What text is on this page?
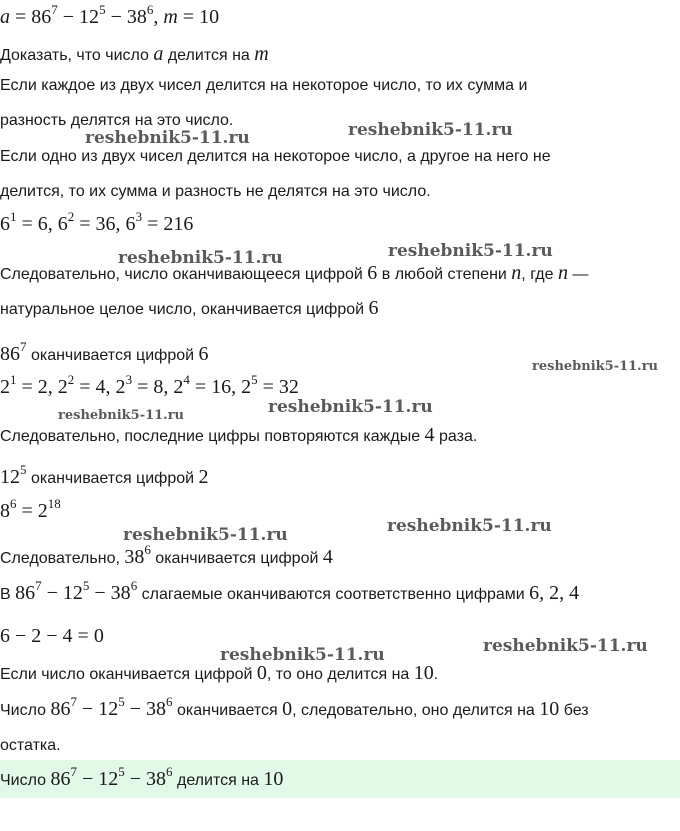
$a = 86^7 - 12^5 - 38^6$, m = 10
Доказать, что число a делится на m
Если каждое из двух чисел делится на некоторое число, то их сумма и
разность делятся на это число.
Если одно из двух чисел делится на некоторое число, а другое на него не
делится, то их сумма и разность не делятся на это число.
$6^1 = 6$, $6^2 = 36$, $6^3 = 216$
Следовательно, число оканчивающееся цифрой 6 в любой степени n, где n —
натуральное целое число, оканчивается цифрой 6
$86^7$ оканчивается цифрой 6
$2^1 = 2$, $2^2 = 4$, $2^3 = 8$, $2^4 = 16$, $2^5 = 32$
Следовательно, последние цифры повторяются каждые 4 раза.
$12^5$ оканчивается цифрой 2
$8^6 = 2^{18}$
Следовательно, $38^6$ оканчивается цифрой 4
В $86^7 - 12^5 - 38^6$ слагаемые оканчиваются соответственно цифрами 6, 2, 4
6 − 2 − 4 = 0
Если число оканчивается цифрой 0, то оно делится на 10.
Число $86^7 - 12^5 - 38^6$ оканчивается 0, следовательно, оно делится на 10 без
остатка.
Число $86^7 - 12^5 - 38^6$ делится на 10
reshebnik5-11.ru	reshebnik5-11.ru
reshebnik5-11.ru	reshebnik5-11.ru
reshebnik5-11.ru
reshebnik5-11.ru	reshebnik5-11.ru
reshebnik5-11.ru	reshebnik5-11.ru
reshebnik5-11.ru	reshebnik5-11.ru
